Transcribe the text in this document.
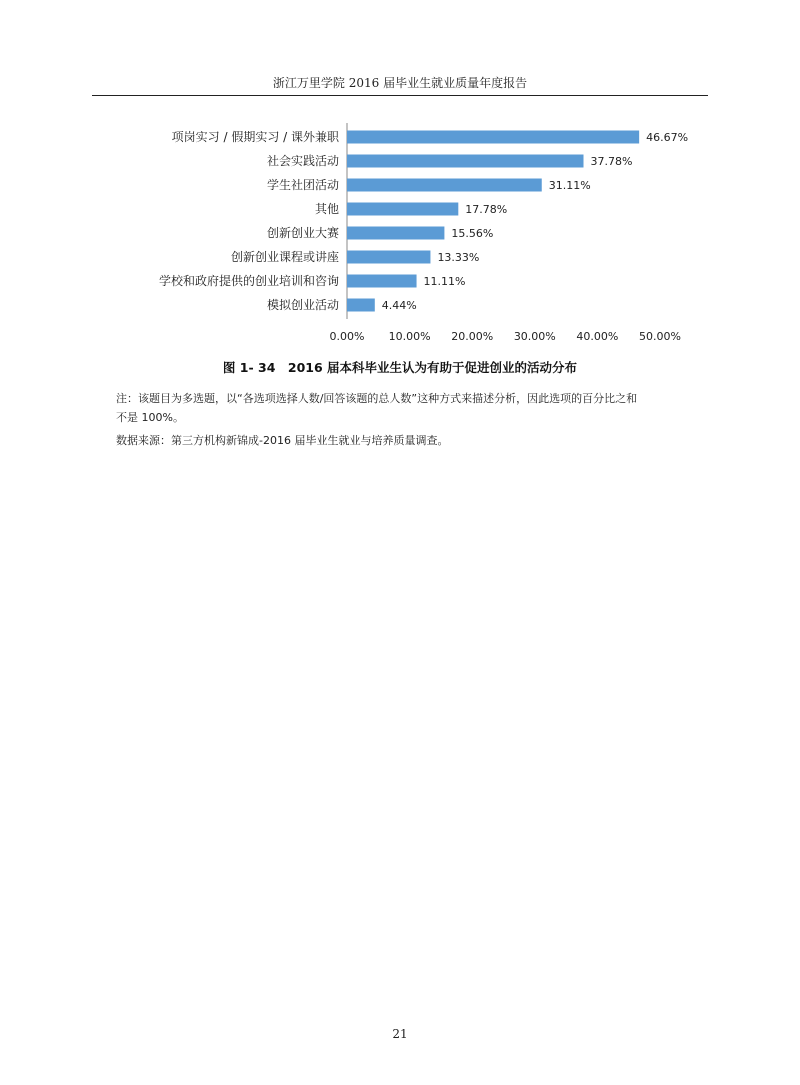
浙江万里学院 2016 届毕业生就业质量年度报告
项岗实习 / 假期实习 / 课外兼职	46.67%
社会实践活动	37.78%
学生社团活动	31.11%
其他	17.78%
创新创业大赛	15.56%
创新创业课程或讲座	13.33%
学校和政府提供的创业培训和咨询	11.11%
模拟创业活动	4.44%
0.00% 10.00% 20.00% 30.00% 40.00% 50.00%
图 1- 34　2016 届本科毕业生认为有助于促进创业的活动分布

注：该题目为多选题，以“各选项选择人数/回答该题的总人数”这种方式来描述分析，因此选项的百分比之和

不是 100%。

数据来源：第三方机构新锦成-2016 届毕业生就业与培养质量调查。
21
